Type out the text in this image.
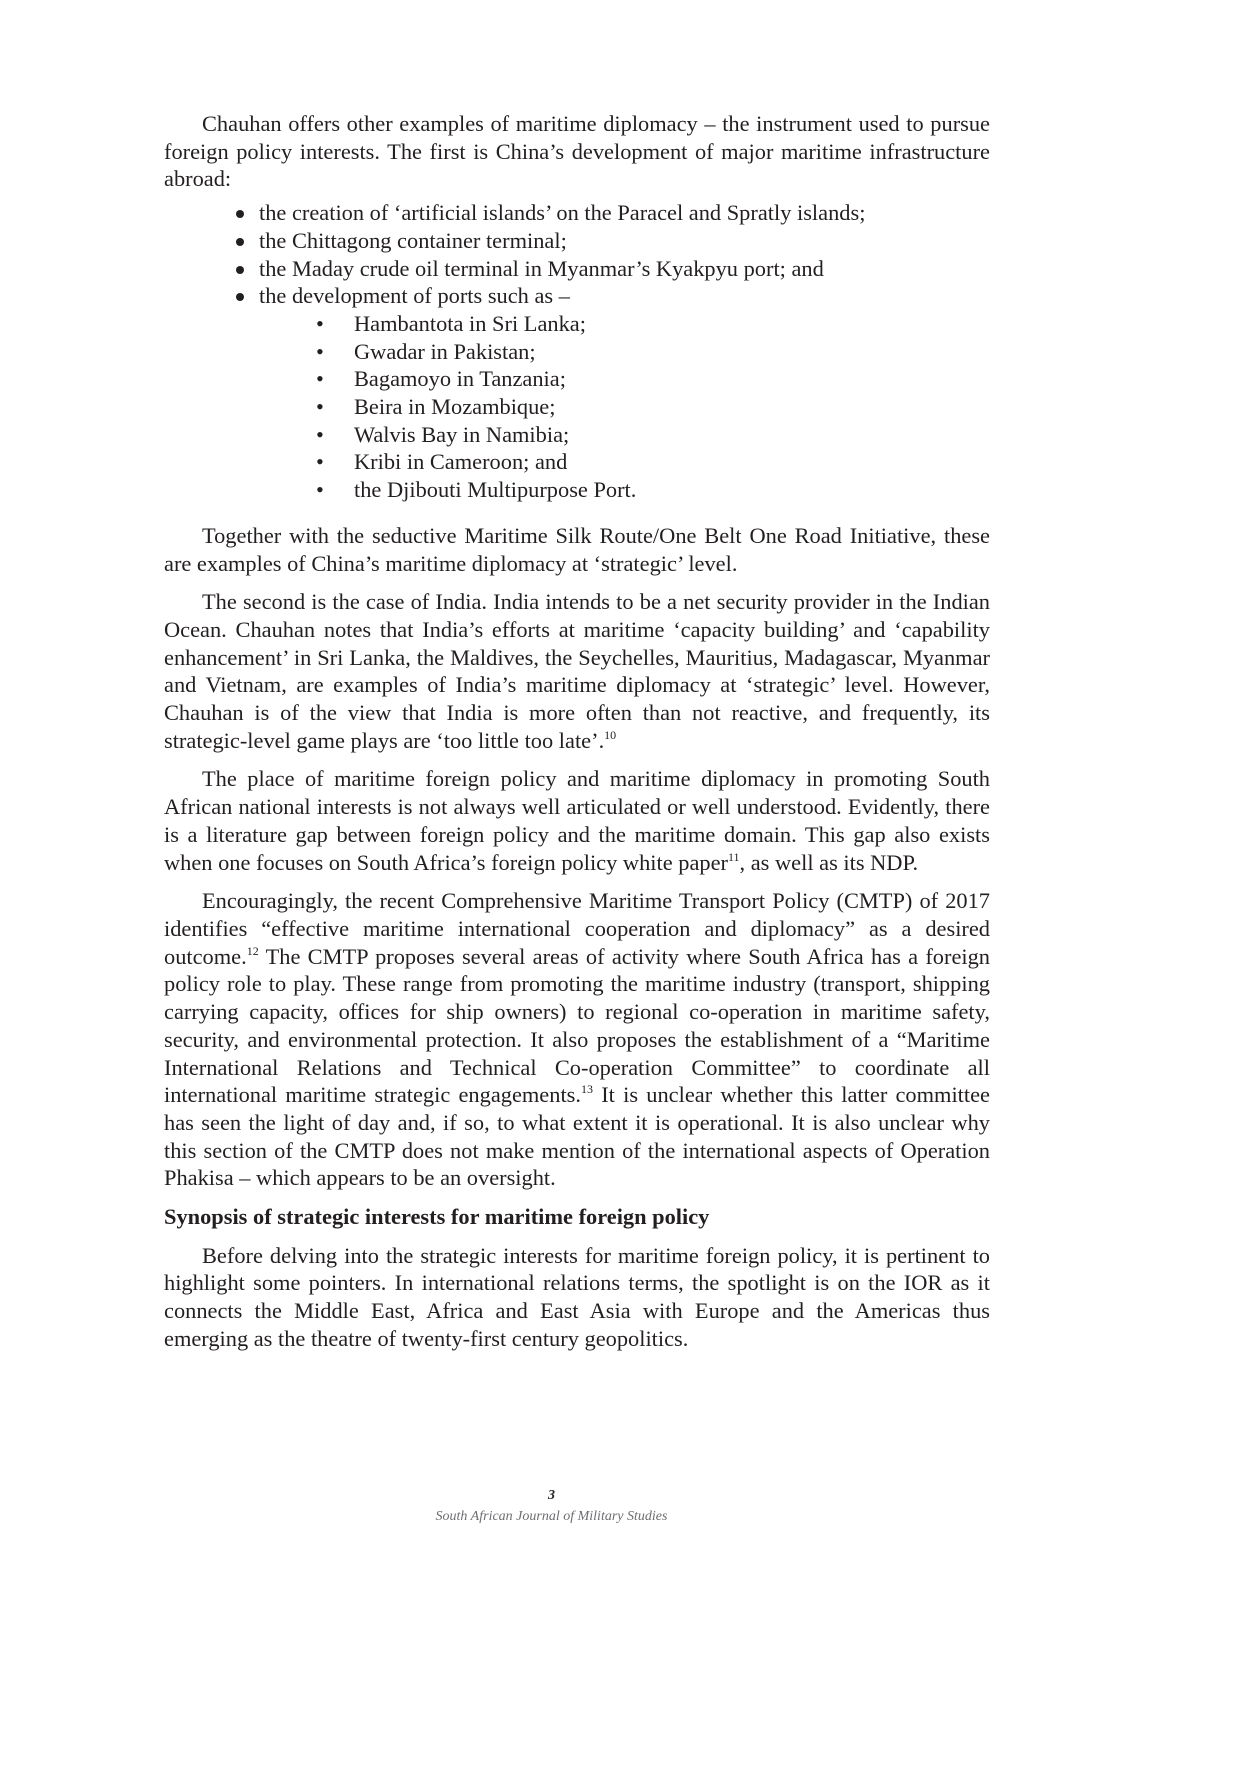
Chauhan offers other examples of maritime diplomacy – the instrument used to pursue foreign policy interests. The first is China’s development of major maritime infrastructure abroad:

the creation of ‘artificial islands’ on the Paracel and Spratly islands;
the Chittagong container terminal;
the Maday crude oil terminal in Myanmar’s Kyakpyu port; and
the development of ports such as –
• Hambantota in Sri Lanka;
• Gwadar in Pakistan;
• Bagamoyo in Tanzania;
• Beira in Mozambique;
• Walvis Bay in Namibia;
• Kribi in Cameroon; and
• the Djibouti Multipurpose Port.

Together with the seductive Maritime Silk Route/One Belt One Road Initiative, these are examples of China’s maritime diplomacy at ‘strategic’ level.

The second is the case of India. India intends to be a net security provider in the Indian Ocean. Chauhan notes that India’s efforts at maritime ‘capacity building’ and ‘capability enhancement’ in Sri Lanka, the Maldives, the Seychelles, Mauritius, Madagascar, Myanmar and Vietnam, are examples of India’s maritime diplomacy at ‘strategic’ level. However, Chauhan is of the view that India is more often than not reactive, and frequently, its strategic-level game plays are ‘too little too late’.$^{10}$

The place of maritime foreign policy and maritime diplomacy in promoting South African national interests is not always well articulated or well understood. Evidently, there is a literature gap between foreign policy and the maritime domain. This gap also exists when one focuses on South Africa’s foreign policy white paper$^{11}$, as well as its NDP.

Encouragingly, the recent Comprehensive Maritime Transport Policy (CMTP) of 2017 identifies “effective maritime international cooperation and diplomacy” as a desired outcome.$^{12}$ The CMTP proposes several areas of activity where South Africa has a foreign policy role to play. These range from promoting the maritime industry (transport, shipping carrying capacity, offices for ship owners) to regional co-operation in maritime safety, security, and environmental protection. It also proposes the establishment of a “Maritime International Relations and Technical Co-operation Committee” to coordinate all international maritime strategic engagements.$^{13}$ It is unclear whether this latter committee has seen the light of day and, if so, to what extent it is operational. It is also unclear why this section of the CMTP does not make mention of the international aspects of Operation Phakisa – which appears to be an oversight.

Synopsis of strategic interests for maritime foreign policy

Before delving into the strategic interests for maritime foreign policy, it is pertinent to highlight some pointers. In international relations terms, the spotlight is on the IOR as it connects the Middle East, Africa and East Asia with Europe and the Americas thus emerging as the theatre of twenty-first century geopolitics.

3
South African Journal of Military Studies
